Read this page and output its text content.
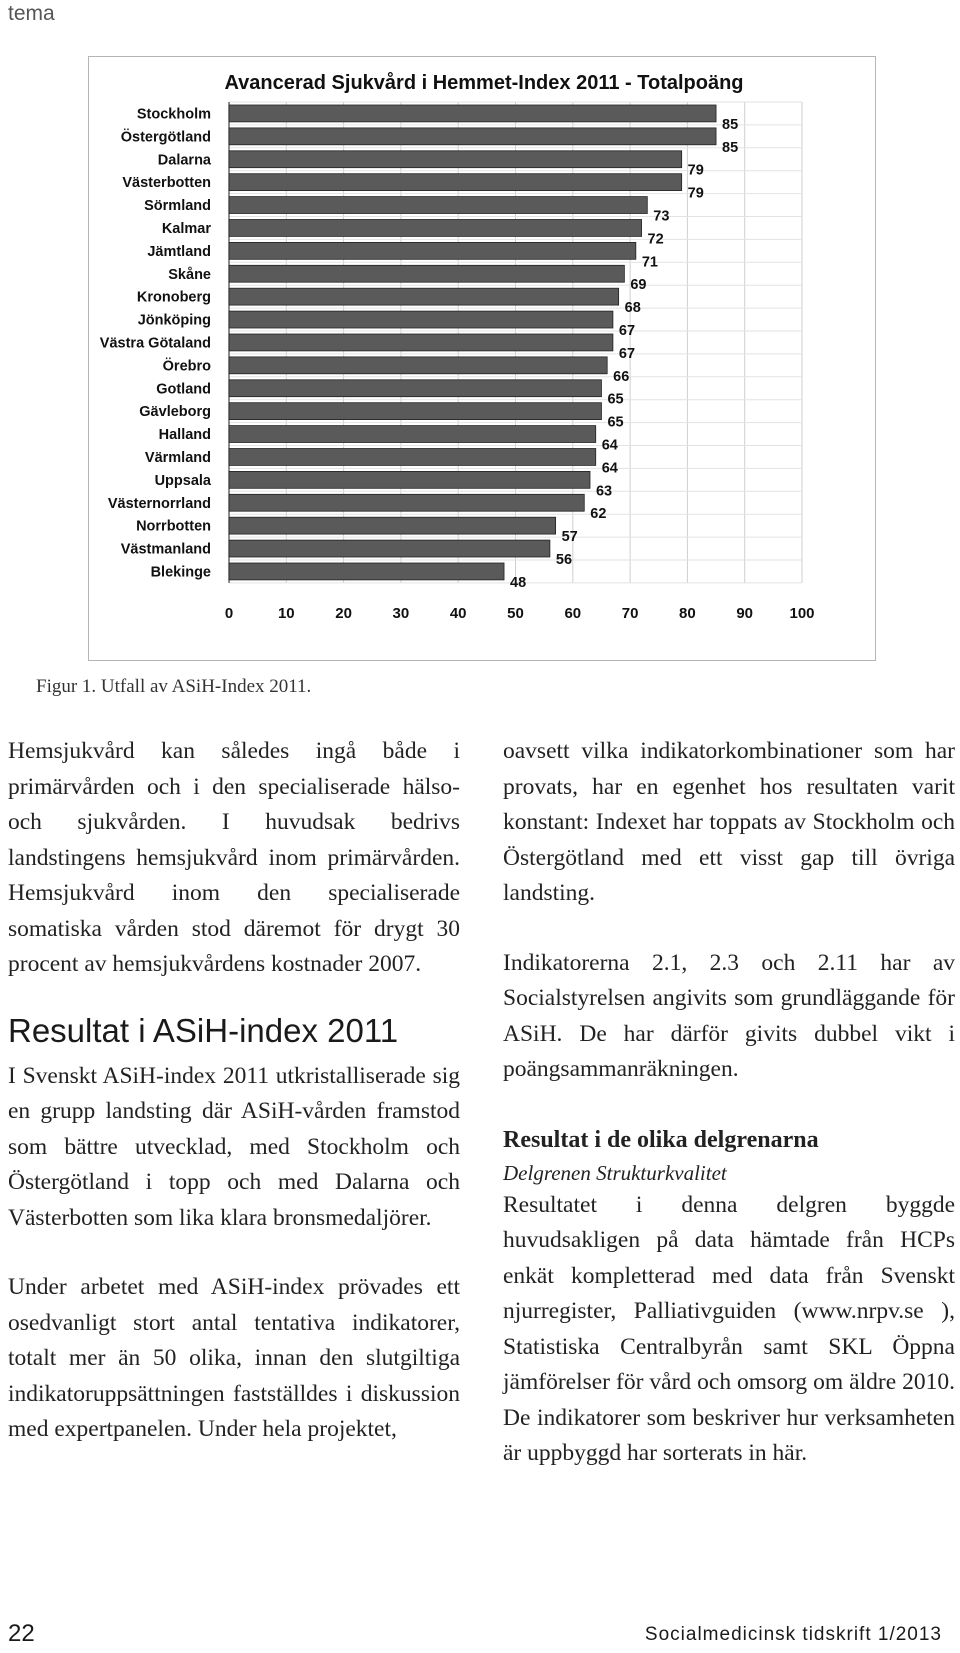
tema
Avancerad Sjukvård i Hemmet-Index 2011 - Totalpoäng
0	10	20	30	40	50	60	70	80	90 100
Stockholm
85
Östergötland
85
Dalarna
79
Västerbotten
79
Sörmland
73
Kalmar
72
Jämtland
71
Skåne
69
Kronoberg
68
Jönköping
67
Västra Götaland
67
Örebro
66
Gotland
65
Gävleborg
65
Halland
64
Värmland
64
Uppsala
63
Västernorrland
62
Norrbotten
57
Västmanland
56
Blekinge
48
Figur 1. Utfall av ASiH-Index 2011.

Hemsjukvård kan således ingå både i primärvården och i den specialiserade hälso- och sjukvården. I huvudsak bedrivs landstingens hemsjukvård inom primärvården. Hemsjukvård inom den specialiserade somatiska vården stod däremot för drygt 30 procent av hemsjukvårdens kostnader 2007.

Resultat i ASiH-index 2011

I Svenskt ASiH-index 2011 utkristalliserade sig en grupp landsting där ASiH-vården framstod som bättre utvecklad, med Stockholm och Östergötland i topp och med Dalarna och Västerbotten som lika klara bronsmedaljörer.

Under arbetet med ASiH-index prövades ett osedvanligt stort antal tentativa indikatorer, totalt mer än 50 olika, innan den slutgiltiga indikatoruppsättningen fastställdes i diskussion med expertpanelen. Under hela projektet,

oavsett vilka indikatorkombinationer som har provats, har en egenhet hos resultaten varit konstant: Indexet har toppats av Stockholm och Östergötland med ett visst gap till övriga landsting.

Indikatorerna 2.1, 2.3 och 2.11 har av Socialstyrelsen angivits som grundläggande för ASiH. De har därför givits dubbel vikt i poängsammanräkningen.

Resultat i de olika delgrenarna
Delgrenen Strukturkvalitet

Resultatet i denna delgren byggde huvudsakligen på data hämtade från HCPs enkät kompletterad med data från Svenskt njurregister, Palliativguiden (www.nrpv.se ), Statistiska Centralbyrån samt SKL Öppna jämförelser för vård och omsorg om äldre 2010. De indikatorer som beskriver hur verksamheten är uppbyggd har sorterats in här.

22	Socialmedicinsk tidskrift 1/2013
